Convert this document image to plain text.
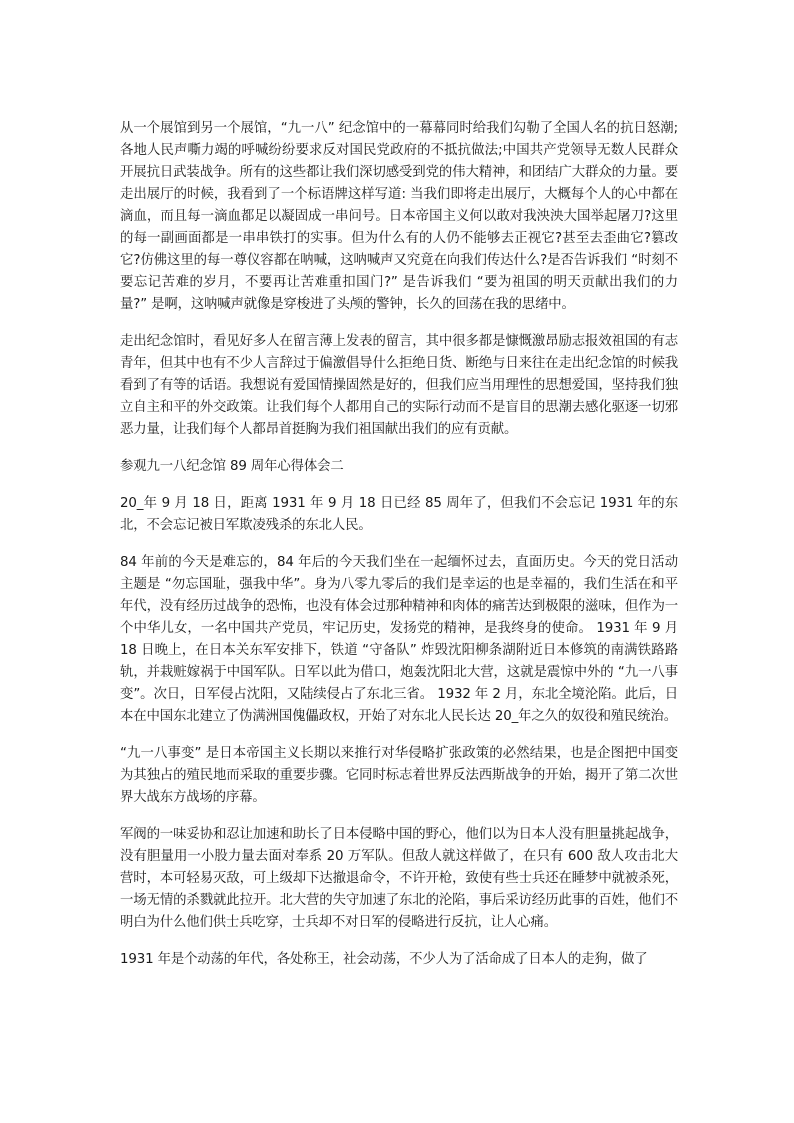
从一个展馆到另一个展馆，“九一八” 纪念馆中的一幕幕同时给我们勾勒了全国人名的抗日怒潮;各地人民声嘶力竭的呼喊纷纷要求反对国民党政府的不抵抗做法;中国共产党领导无数人民群众开展抗日武装战争。所有的这些都让我们深切感受到党的伟大精神，和团结广大群众的力量。要走出展厅的时候，我看到了一个标语牌这样写道: 当我们即将走出展厅，大概每个人的心中都在滴血，而且每一滴血都足以凝固成一串问号。日本帝国主义何以敢对我泱泱大国举起屠刀?这里的每一副画面都是一串串铁打的实事。但为什么有的人仍不能够去正视它?甚至去歪曲它?篡改它?仿佛这里的每一尊仪容都在呐喊，这呐喊声又究竟在向我们传达什么?是否告诉我们 “时刻不要忘记苦难的岁月，不要再让苦难重扣国门?” 是告诉我们 “要为祖国的明天贡献出我们的力量?” 是啊，这呐喊声就像是穿梭进了头颅的警钟，长久的回荡在我的思绪中。

走出纪念馆时，看见好多人在留言薄上发表的留言，其中很多都是慷慨激昂励志报效祖国的有志青年，但其中也有不少人言辞过于偏激倡导什么拒绝日货、断绝与日来往在走出纪念馆的时候我看到了有等的话语。我想说有爱国情操固然是好的，但我们应当用理性的思想爱国，坚持我们独立自主和平的外交政策。让我们每个人都用自己的实际行动而不是盲目的思潮去感化驱逐一切邪恶力量，让我们每个人都昂首挺胸为我们祖国献出我们的应有贡献。

参观九一八纪念馆 89 周年心得体会二

20_年 9 月 18 日，距离 1931 年 9 月 18 日已经 85 周年了，但我们不会忘记 1931 年的东北，不会忘记被日军欺凌残杀的东北人民。

84 年前的今天是难忘的，84 年后的今天我们坐在一起缅怀过去，直面历史。今天的党日活动主题是 “勿忘国耻，强我中华”。身为八零九零后的我们是幸运的也是幸福的，我们生活在和平年代，没有经历过战争的恐怖，也没有体会过那种精神和肉体的痛苦达到极限的滋味，但作为一个中华儿女，一名中国共产党员，牢记历史，发扬党的精神，是我终身的使命。 1931 年 9 月 18 日晚上，在日本关东军安排下，铁道 “守备队” 炸毁沈阳柳条湖附近日本修筑的南满铁路路轨，并栽赃嫁祸于中国军队。日军以此为借口，炮轰沈阳北大营，这就是震惊中外的 “九一八事变”。次日，日军侵占沈阳，又陆续侵占了东北三省。 1932 年 2 月，东北全境沦陷。此后，日本在中国东北建立了伪满洲国傀儡政权，开始了对东北人民长达 20_年之久的奴役和殖民统治。

“九一八事变” 是日本帝国主义长期以来推行对华侵略扩张政策的必然结果，也是企图把中国变为其独占的殖民地而采取的重要步骤。它同时标志着世界反法西斯战争的开始，揭开了第二次世界大战东方战场的序幕。

军阀的一味妥协和忍让加速和助长了日本侵略中国的野心，他们以为日本人没有胆量挑起战争，没有胆量用一小股力量去面对奉系 20 万军队。但敌人就这样做了，在只有 600 敌人攻击北大营时，本可轻易灭敌，可上级却下达撤退命令，不许开枪，致使有些士兵还在睡梦中就被杀死，一场无情的杀戮就此拉开。北大营的失守加速了东北的沦陷，事后采访经历此事的百姓，他们不明白为什么他们供士兵吃穿，士兵却不对日军的侵略进行反抗，让人心痛。

1931 年是个动荡的年代，各处称王，社会动荡，不少人为了活命成了日本人的走狗，做了
